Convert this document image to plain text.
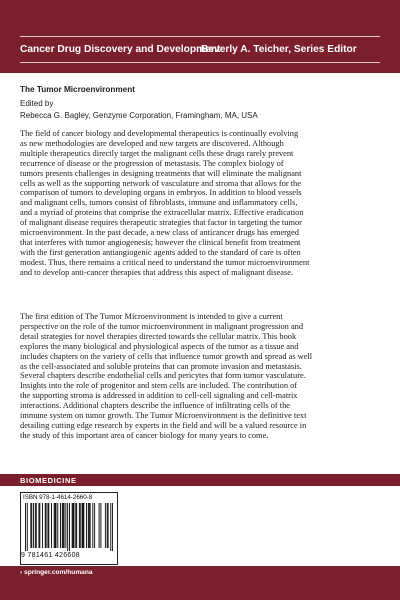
Cancer Drug Discovery and Development
Beverly A. Teicher, Series Editor
The Tumor Microenvironment
Edited by
Rebecca G. Bagley, Genzyme Corporation, Framingham, MA, USA
The field of cancer biology and developmental therapeutics is continually evolving
as new methodologies are developed and new targets are discovered. Although
multiple therapeutics directly target the malignant cells these drugs rarely prevent
recurrence of disease or the progression of metastasis. The complex biology of
tumors presents challenges in designing treatments that will eliminate the malignant
cells as well as the supporting network of vasculature and stroma that allows for the
comparison of tumors to developing organs in embryos. In addition to blood vessels
and malignant cells, tumors consist of fibroblasts, immune and inflammatory cells,
and a myriad of proteins that comprise the extracellular matrix. Effective eradication
of malignant disease requires therapeutic strategies that factor in targeting the tumor
microenvironment. In the past decade, a new class of anticancer drugs has emerged
that interferes with tumor angiogenesis; however the clinical benefit from treatment
with the first generation antiangiogenic agents added to the standard of care is often
modest. Thus, there remains a critical need to understand the tumor microenvironment
and to develop anti-cancer therapies that address this aspect of malignant disease.
The first edition of The Tumor Microenvironment is intended to give a current
perspective on the role of the tumor microenvironment in malignant progression and
detail strategies for novel therapies directed towards the cellular matrix. This book
explores the many biological and physiological aspects of the tumor as a tissue and
includes chapters on the variety of cells that influence tumor growth and spread as well
as the cell-associated and soluble proteins that can promote invasion and metastasis.
Several chapters describe endothelial cells and pericytes that form tumor vasculature.
Insights into the role of progenitor and stem cells are included. The contribution of
the supporting stroma is addressed in addition to cell-cell signaling and cell-matrix
interactions. Additional chapters describe the influence of infiltrating cells of the
immune system on tumor growth. The Tumor Microenvironment is the definitive text
detailing cutting edge research by experts in the field and will be a valued resource in
the study of this important area of cancer biology for many years to come.
BIOMEDICINE
› springer.com/humana
ISBN 978-1-4614-2660-8
9 781461 426608
